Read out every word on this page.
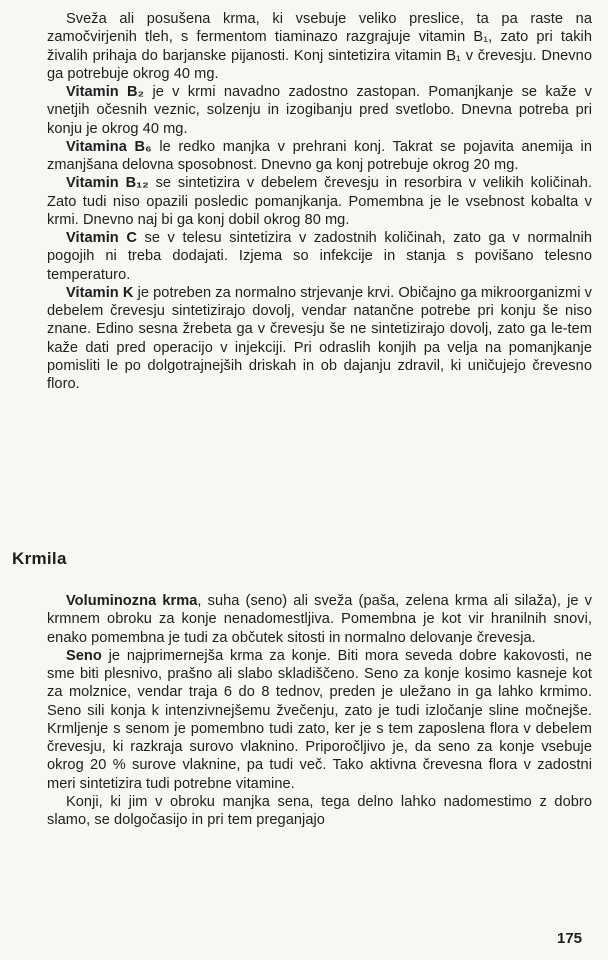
Sveža ali posušena krma, ki vsebuje veliko preslice, ta pa raste na zamočvirjenih tleh, s fermentom tiaminazo razgrajuje vitamin B₁, zato pri takih živalih prihaja do barjanske pijanosti. Konj sintetizira vitamin B₁ v črevesju. Dnevno ga potrebuje okrog 40 mg.

Vitamin B₂ je v krmi navadno zadostno zastopan. Pomanjkanje se kaže v vnetjih očesnih veznic, solzenju in izogibanju pred svetlobo. Dnevna potreba pri konju je okrog 40 mg.

Vitamina B₆ le redko manjka v prehrani konj. Takrat se pojavita anemija in zmanjšana delovna sposobnost. Dnevno ga konj potrebuje okrog 20 mg.

Vitamin B₁₂ se sintetizira v debelem črevesju in resorbira v velikih količinah. Zato tudi niso opazili posledic pomanjkanja. Pomembna je le vsebnost kobalta v krmi. Dnevno naj bi ga konj dobil okrog 80 mg.

Vitamin C se v telesu sintetizira v zadostnih količinah, zato ga v normalnih pogojih ni treba dodajati. Izjema so infekcije in stanja s povišano telesno temperaturo.

Vitamin K je potreben za normalno strjevanje krvi. Običajno ga mikroorganizmi v debelem črevesju sintetizirajo dovolj, vendar natančne potrebe pri konju še niso znane. Edino sesna žrebeta ga v črevesju še ne sintetizirajo dovolj, zato ga le-tem kaže dati pred operacijo v injekciji. Pri odraslih konjih pa velja na pomanjkanje pomisliti le po dolgotrajnejših driskah in ob dajanju zdravil, ki uničujejo črevesno floro.

Krmila

Voluminozna krma, suha (seno) ali sveža (paša, zelena krma ali silaža), je v krmnem obroku za konje nenadomestljiva. Pomembna je kot vir hranilnih snovi, enako pomembna je tudi za občutek sitosti in normalno delovanje črevesja.

Seno je najprimernejša krma za konje. Biti mora seveda dobre kakovosti, ne sme biti plesnivo, prašno ali slabo skladiščeno. Seno za konje kosimo kasneje kot za molznice, vendar traja 6 do 8 tednov, preden je uležano in ga lahko krmimo. Seno sili konja k intenzivnejšemu žvečenju, zato je tudi izločanje sline močnejše. Krmljenje s senom je pomembno tudi zato, ker je s tem zaposlena flora v debelem črevesju, ki razkraja surovo vlaknino. Priporočljivo je, da seno za konje vsebuje okrog 20 % surove vlaknine, pa tudi več. Tako aktivna črevesna flora v zadostni meri sintetizira tudi potrebne vitamine.

Konji, ki jim v obroku manjka sena, tega delno lahko nadomestimo z dobro slamo, se dolgočasijo in pri tem preganjajo

175
